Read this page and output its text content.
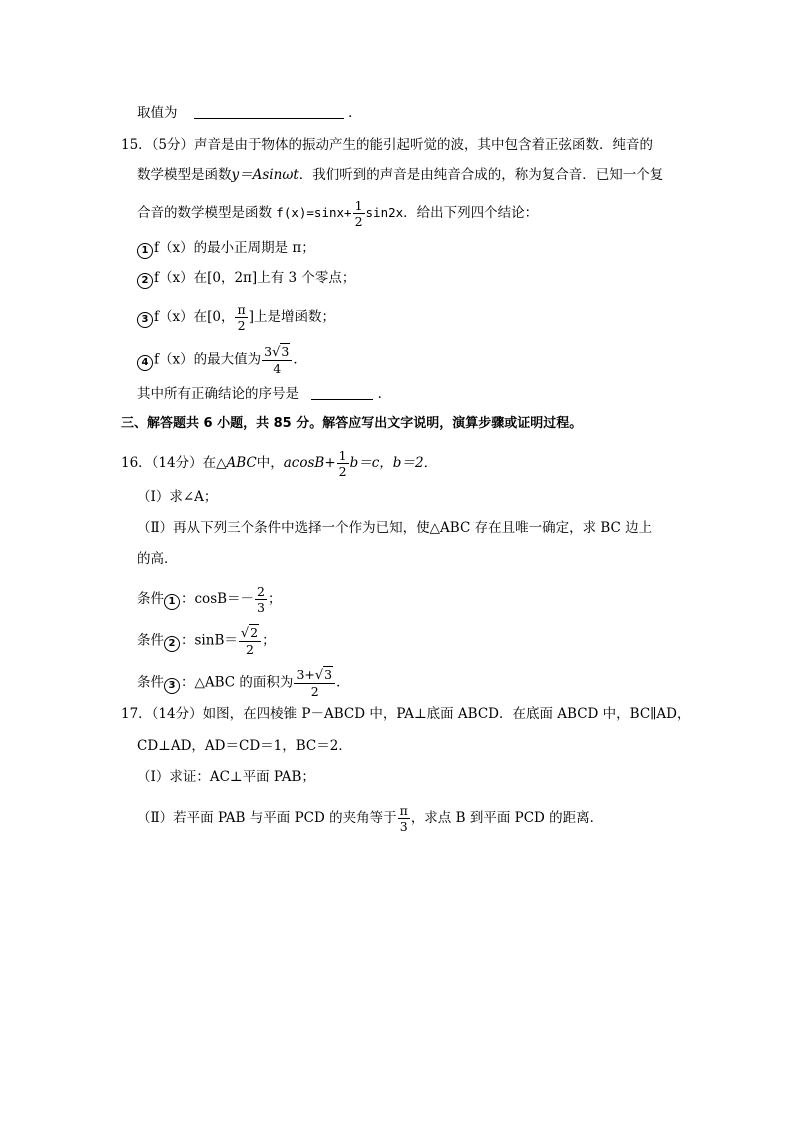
取值为	．
15．（5分）声音是由于物体的振动产生的能引起听觉的波，其中包含着正弦函数．纯音的
数学模型是函数y＝Asinωt．我们听到的声音是由纯音合成的，称为复合音．已知一个复
合音的数学模型是函数 $f(x)=\sin x+ \frac{1}{2} \sin 2x$．给出下列四个结论：
1 f（x）的最小正周期是 π；
2 f（x）在[0，2π]上有 3 个零点；
3 f（x）在[0， $\frac{\pi}{2}$ ]上是增函数；
4 f（x）的最大值为 $\frac{3√3}{4}$ ．
其中所有正确结论的序号是	．
三、解答题共 6 小题，共 85 分。解答应写出文字说明，演算步骤或证明过程。
16．（14分）在△ABC中，$acosB+ \frac{1}{2} b=c$，b＝2．
（Ⅰ）求∠A；
（Ⅱ）再从下列三个条件中选择一个作为已知，使△ABC 存在且唯一确定，求 BC 边上
的高．
条件 1 ：$\cos B=- \frac{2}{3}$ ；
条件 2 ：$\sin B= \frac{√2}{2}$ ；
条件 3 ：△ABC 的面积为 $\frac{3+√3}{2}$ ．
17．（14分）如图，在四棱锥 P－ABCD 中，PA⊥底面 ABCD．在底面 ABCD 中，BC∥AD，
CD⊥AD，AD＝CD＝1，BC＝2．
（Ⅰ）求证：AC⊥平面 PAB；
（Ⅱ）若平面 PAB 与平面 PCD 的夹角等于 $\frac{\pi}{3}$ ，求点 B 到平面 PCD 的距离．
